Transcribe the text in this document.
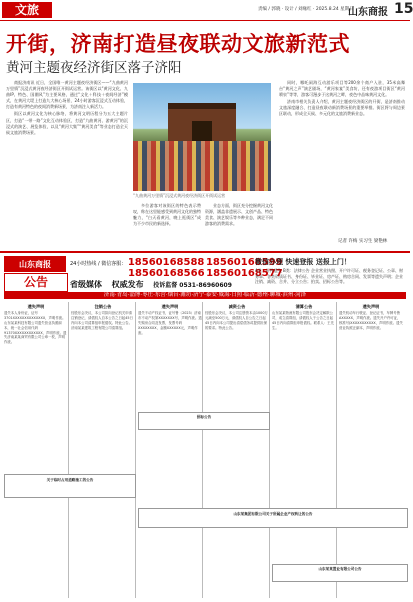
文旅	责编 / 郭晓 · 设计 / 刘缘红 · 2025.8.24 星期日
山东商报 15
开街，济南打造昼夜联动文旅新范式
黄河主题夜经济街区落子济阳

商报济南讯 近日，全国唯一黄河主题夜经济街区——“九曲黄河万里情”沉浸式黄河夜经济街区开街试运营。该街区以“黄河文化、九曲IP、特色、国潮风”为主要风格，通过“文化＋科技＋夜间经济”模式，在黄河大堤上打造九大核心场景，24小时游客沉浸式互动体验，打造有黄河特色的夜间消费新场景，为济南注入新活力。

街区以黄河文化为核心脉络，将黄河文明历程分为五大主题片区，打造“一带一路”文化互动体验区，打造“九曲黄河、游黄河”的沉浸式的演艺、展览体验，以及“黄河大集”“黄河美食”等业态打造全天候文旅消费场景。

“九曲黄河万里情”沉浸式黄河夜经济街区开街试运营

多位游客对该街区的特色表示赞叹，称在这里能感受到黄河文化的独特魅力，“白天看黄河，晚上逛街区”成为不少市民的新选择。

业态方面，街区充分挖掘黄河文化资源，涵盖非遗展示、文创产品、特色美食、演艺娱乐等多种业态，满足不同游客的消费需求。

同时，哪吒闹海互动游乐项目等200余个商户入驻，35米高舞台“黄河之声”演艺剧场，“黄河家宴”美食坊，还有夜游项目街区“黄河喷泉”等等，游客可漫步于这黄河之畔，夜色中品味黄河文化。

济南市相关负责人介绍，黄河主题夜经济街区的开街，是济南推动文旅深度融合、打造昼夜联动新消费场景的重要举措。街区将与周边景区联动，形成全天候、多元化的文旅消费新业态。

记者 许梅 实习生 梁艳林
山东商报
公告
24小时热线 / 微信客服： 18560168588 18560168599
18560168566 18560168577
省级媒体 权威发布 投诉监督 0531-86960609
微信办理 快速登报 送报上门！
A类：证件遗失 B类：法律公告 企业营业执照、开户许可证、税务登记证、公章、财务章、各类资质证书、身份证、毕业证、房产证、购房合同、发票等遗失声明；企业注销、减资、合并、分立公告；拍卖、招标公告等。
济南·青岛·淄博·枣庄·东营·烟台·潍坊·济宁·泰安·威海·日照·临沂·德州·聊城·滨州·菏泽
遗失声明
遗失本人身份证，证号3701XXXXXXXXXXXXXX，声明作废。山东某某科技有限公司遗失营业执照副本，统一社会信用代码91370XXXXXXXXXXXX，声明作废。遗失济南某某商贸有限公司公章一枚，声明作废。
注销公告
经股东会决议，本公司拟向登记机关申请注销登记，请债权人自本公告之日起45日内向本公司清算组申报债权。特此公告。济南某某建筑工程有限公司清算组。
遗失声明
遗失不动产权证书，证号鲁（2023）济南市不动产权第XXXXXXX号，声明作废。遗失购房合同及发票，发票号码XXXXXXXX，金额XXXXXX元，声明作废。
减资公告
经股东会决议，本公司注册资本由1000万元减至500万元，请债权人自公告之日起45日内向本公司提出清偿债务或提供担保的要求。特此公告。
清算公告
山东某某物流有限公司股东会决定解散公司，成立清算组，请债权人于公告之日起45日内向清算组申报债权。联系人：王先生。
遗失声明
遗失机动车行驶证、登记证书，车牌号鲁AXXXXX，声明作废。遗失开户许可证，核准号JXXXXXXXXXXX，声明作废。遗失营业执照正副本，声明作废。
关于临时占用道路施工的公告
山东某集团有限公司关于所属企业产权转让的公告
招标公告
山东某某置业有限公司公告
